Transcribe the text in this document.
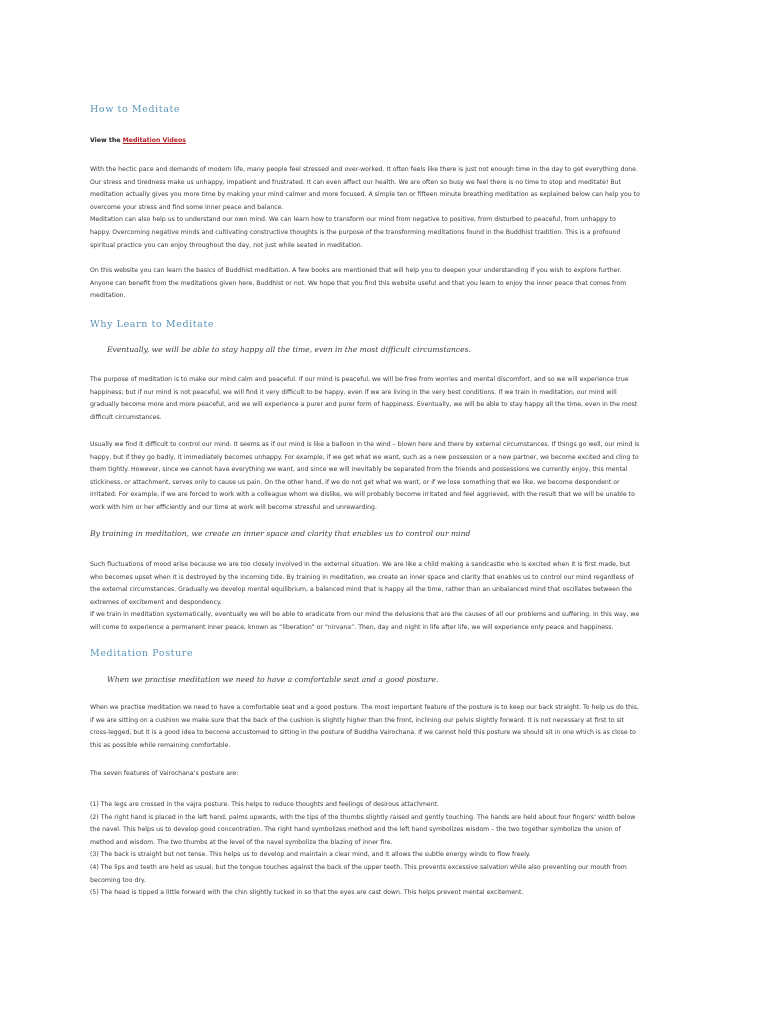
How to Meditate
View the Meditation Videos
With the hectic pace and demands of modern life, many people feel stressed and over-worked. It often feels like there is just not enough time in the day to get everything done.
Our stress and tiredness make us unhappy, impatient and frustrated. It can even affect our health. We are often so busy we feel there is no time to stop and meditate! But
meditation actually gives you more time by making your mind calmer and more focused. A simple ten or fifteen minute breathing meditation as explained below can help you to
overcome your stress and find some inner peace and balance.
Meditation can also help us to understand our own mind. We can learn how to transform our mind from negative to positive, from disturbed to peaceful, from unhappy to
happy. Overcoming negative minds and cultivating constructive thoughts is the purpose of the transforming meditations found in the Buddhist tradition. This is a profound
spiritual practice you can enjoy throughout the day, not just while seated in meditation.
On this website you can learn the basics of Buddhist meditation. A few books are mentioned that will help you to deepen your understanding if you wish to explore further.
Anyone can benefit from the meditations given here, Buddhist or not. We hope that you find this website useful and that you learn to enjoy the inner peace that comes from
meditation.
Why Learn to Meditate

Eventually, we will be able to stay happy all the time, even in the most difficult circumstances.

The purpose of meditation is to make our mind calm and peaceful. If our mind is peaceful, we will be free from worries and mental discomfort, and so we will experience true
happiness; but if our mind is not peaceful, we will find it very difficult to be happy, even if we are living in the very best conditions. If we train in meditation, our mind will
gradually become more and more peaceful, and we will experience a purer and purer form of happiness. Eventually, we will be able to stay happy all the time, even in the most
difficult circumstances.
Usually we find it difficult to control our mind. It seems as if our mind is like a balloon in the wind – blown here and there by external circumstances. If things go well, our mind is
happy, but if they go badly, it immediately becomes unhappy. For example, if we get what we want, such as a new possession or a new partner, we become excited and cling to
them tightly. However, since we cannot have everything we want, and since we will inevitably be separated from the friends and possessions we currently enjoy, this mental
stickiness, or attachment, serves only to cause us pain. On the other hand, if we do not get what we want, or if we lose something that we like, we become despondent or
irritated. For example, if we are forced to work with a colleague whom we dislike, we will probably become irritated and feel aggrieved, with the result that we will be unable to
work with him or her efficiently and our time at work will become stressful and unrewarding.

By training in meditation, we create an inner space and clarity that enables us to control our mind

Such fluctuations of mood arise because we are too closely involved in the external situation. We are like a child making a sandcastle who is excited when it is first made, but
who becomes upset when it is destroyed by the incoming tide. By training in meditation, we create an inner space and clarity that enables us to control our mind regardless of
the external circumstances. Gradually we develop mental equilibrium, a balanced mind that is happy all the time, rather than an unbalanced mind that oscillates between the
extremes of excitement and despondency.
If we train in meditation systematically, eventually we will be able to eradicate from our mind the delusions that are the causes of all our problems and suffering. In this way, we
will come to experience a permanent inner peace, known as “liberation” or “nirvana”. Then, day and night in life after life, we will experience only peace and happiness.
Meditation Posture

When we practise meditation we need to have a comfortable seat and a good posture.

When we practise meditation we need to have a comfortable seat and a good posture. The most important feature of the posture is to keep our back straight. To help us do this,
if we are sitting on a cushion we make sure that the back of the cushion is slightly higher than the front, inclining our pelvis slightly forward. It is not necessary at first to sit
cross-legged, but it is a good idea to become accustomed to sitting in the posture of Buddha Vairochana. If we cannot hold this posture we should sit in one which is as close to
this as possible while remaining comfortable.
The seven features of Vairochana’s posture are:
(1) The legs are crossed in the vajra posture. This helps to reduce thoughts and feelings of desirous attachment.
(2) The right hand is placed in the left hand, palms upwards, with the tips of the thumbs slightly raised and gently touching. The hands are held about four fingers’ width below
the navel. This helps us to develop good concentration. The right hand symbolizes method and the left hand symbolizes wisdom – the two together symbolize the union of
method and wisdom. The two thumbs at the level of the navel symbolize the blazing of inner fire.
(3) The back is straight but not tense. This helps us to develop and maintain a clear mind, and it allows the subtle energy winds to flow freely.
(4) The lips and teeth are held as usual, but the tongue touches against the back of the upper teeth. This prevents excessive salvation while also preventing our mouth from
becoming too dry.
(5) The head is tipped a little forward with the chin slightly tucked in so that the eyes are cast down. This helps prevent mental excitement.
